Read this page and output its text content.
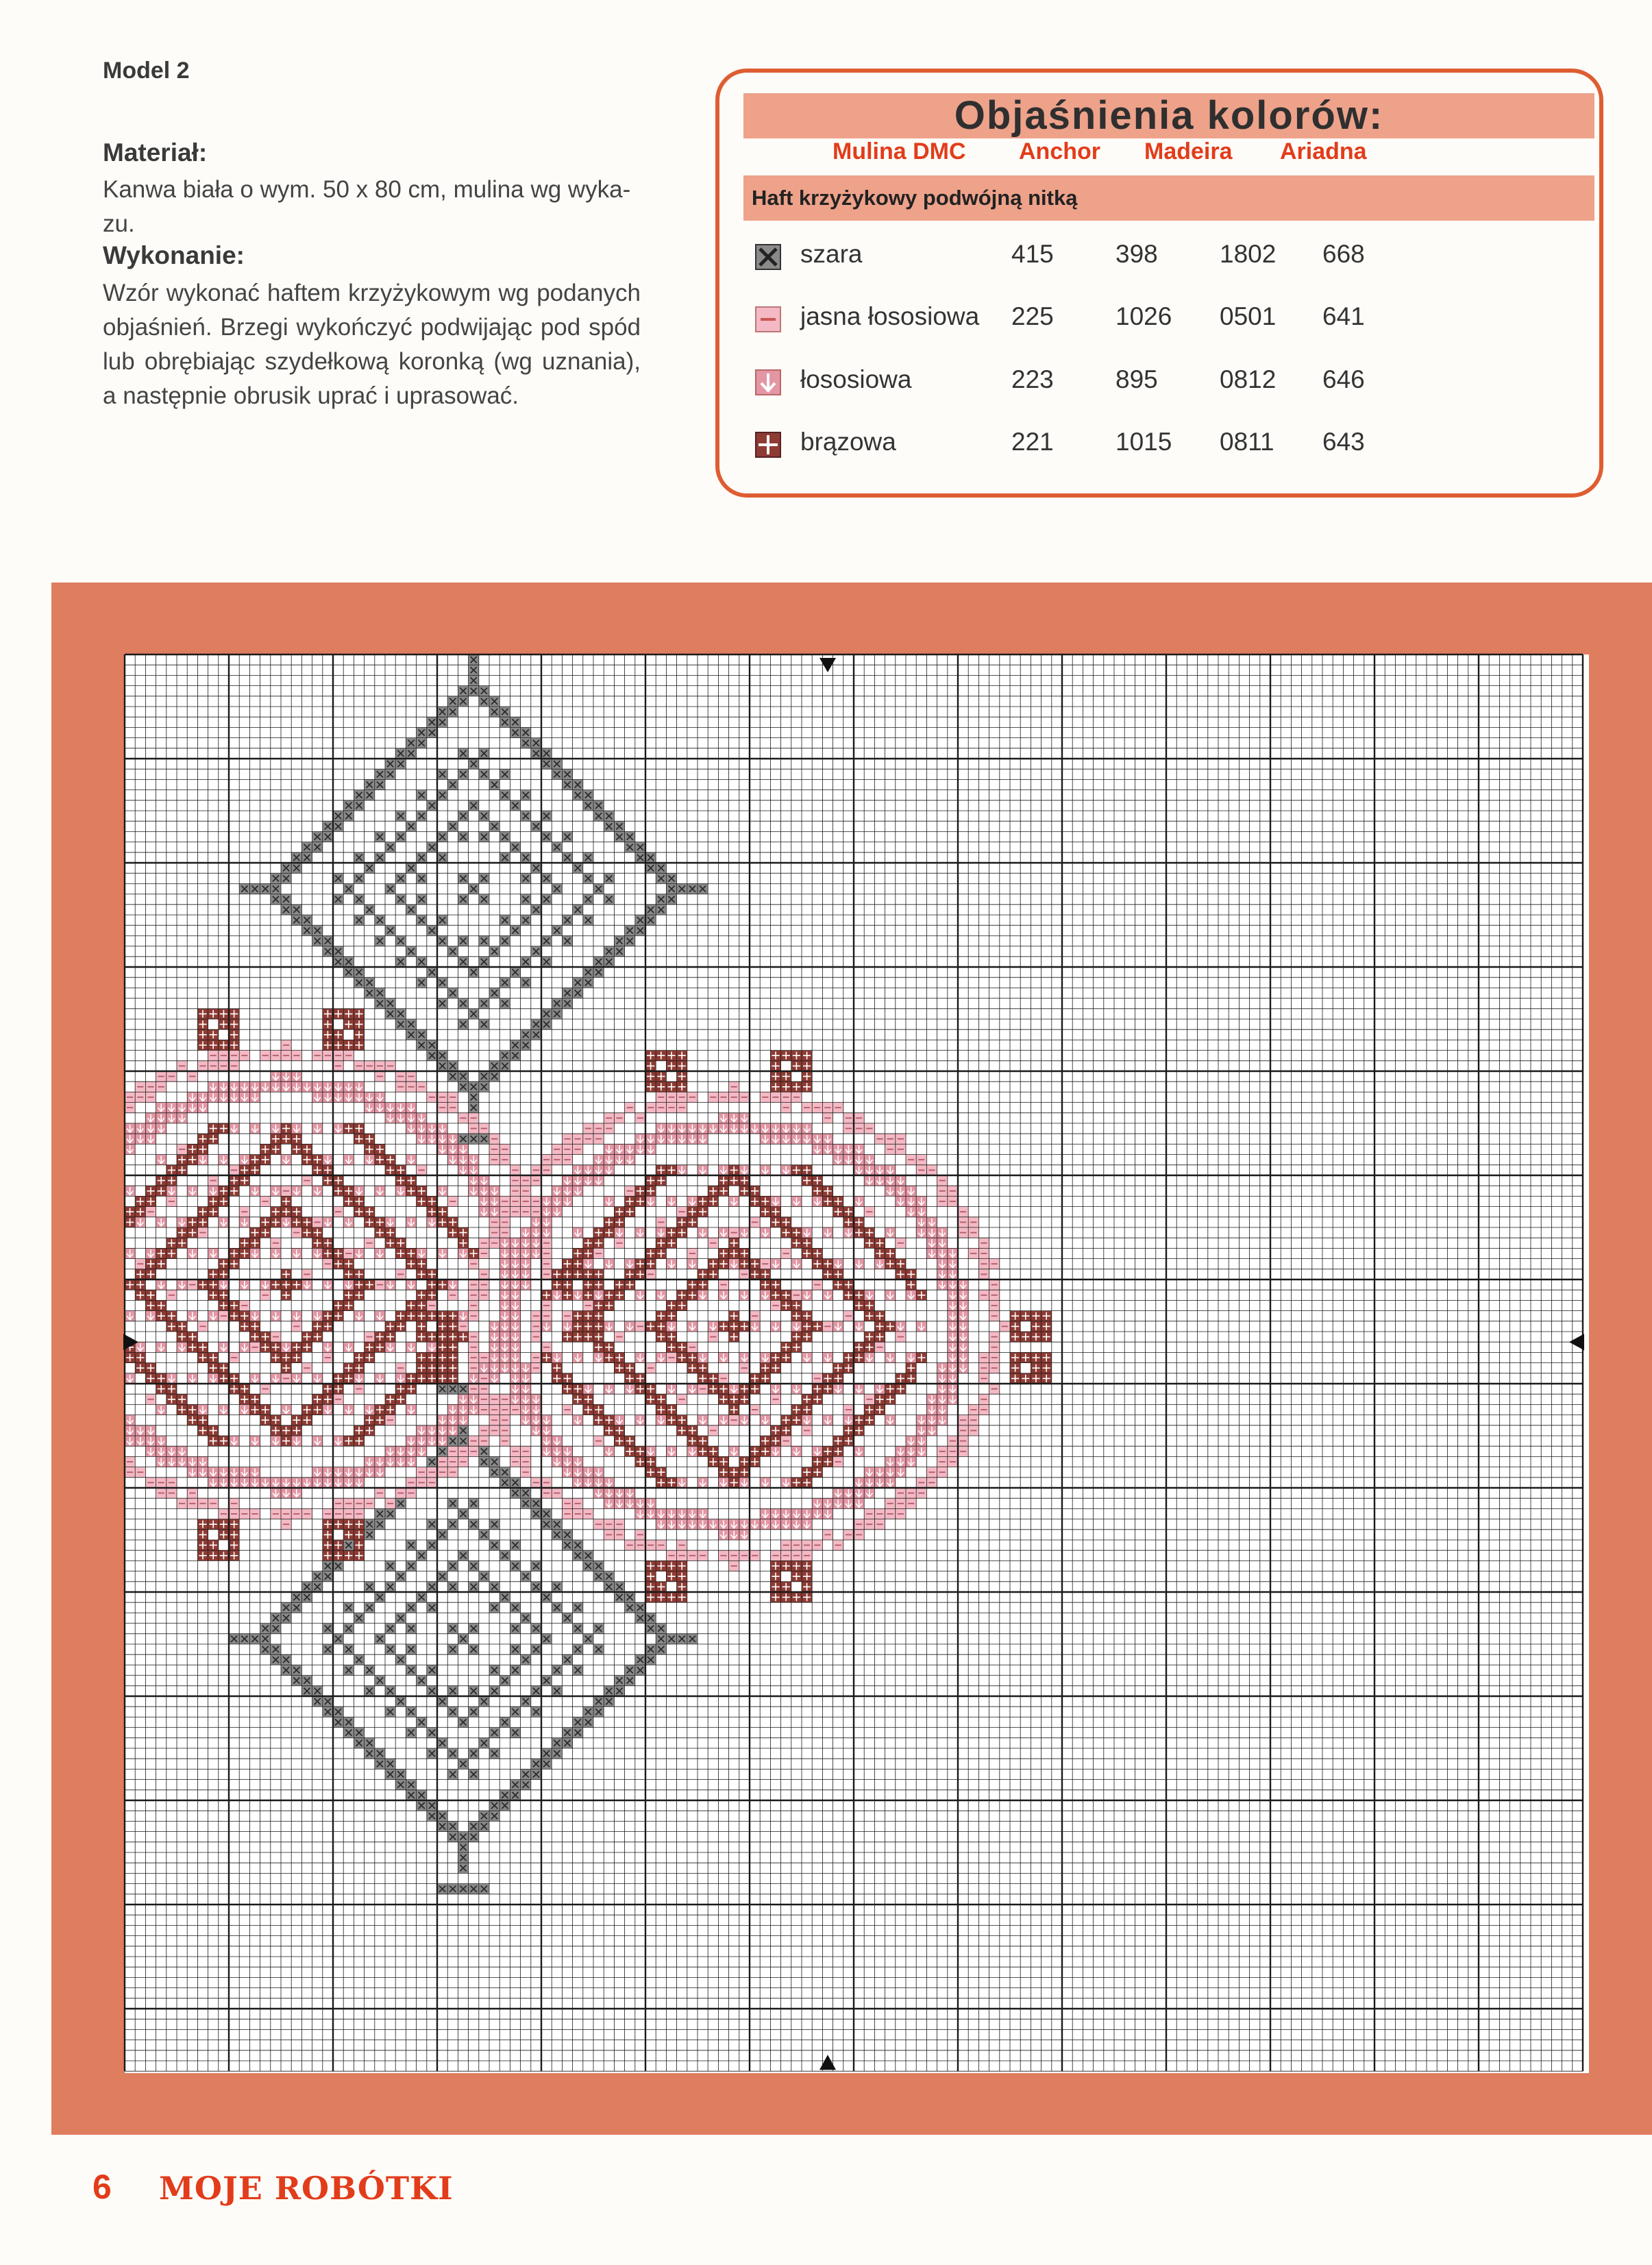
Model 2
Materiał:
Kanwa biała o wym. 50 x 80 cm, mulina wg wyka-zu.
Wykonanie:
Wzór wykonać haftem krzyżykowym wg podanych objaśnień. Brzegi wykończyć podwijając pod spód lub obrębiając szydełkową koronką (wg uznania), a następnie obrusik uprać i uprasować.
Objaśnienia kolorów:
Mulina DMC Anchor Madeira Ariadna
Haft krzyżykowy podwójną nitką
szara	415 398 1802 668
jasna łososiowa 225 1026 0501 641
łososiowa	223 895 0812 646
brązowa	221 1015 0811 643
6 MOJE ROBÓTKI
